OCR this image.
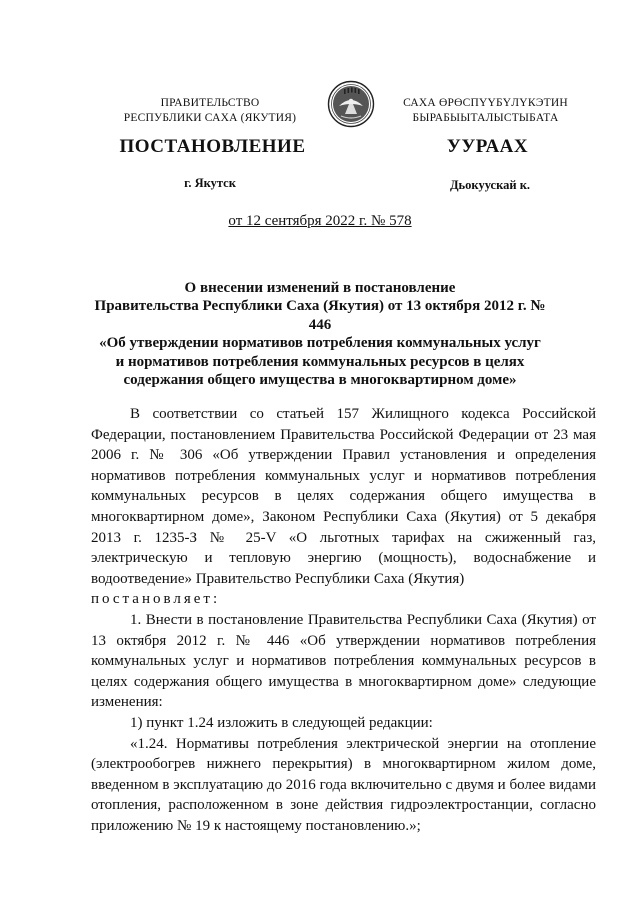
ПРАВИТЕЛЬСТВО
РЕСПУБЛИКИ САХА (ЯКУТИЯ)
САХА ӨРӨСПҮҮБҮЛҮКЭТИН
БЫРАБЫЫТАЛЫСТЫБАТА
ПОСТАНОВЛЕНИЕ	УУРААХ
г. Якутск	Дьокуускай к.
от 12 сентября 2022 г. № 578
О внесении изменений в постановление
Правительства Республики Саха (Якутия) от 13 октября 2012 г. № 446
«Об утверждении нормативов потребления коммунальных услуг
и нормативов потребления коммунальных ресурсов в целях
содержания общего имущества в многоквартирном доме»

В соответствии со статьей 157 Жилищного кодекса Российской Федерации, постановлением Правительства Российской Федерации от 23 мая 2006 г. № 306 «Об утверждении Правил установления и определения нормативов потребления коммунальных услуг и нормативов потребления коммунальных ресурсов в целях содержания общего имущества в многоквартирном доме», Законом Республики Саха (Якутия) от 5 декабря 2013 г. 1235-З № 25-V «О льготных тарифах на сжиженный газ, электрическую и тепловую энергию (мощность), водоснабжение и водоотведение» Правительство Республики Саха (Якутия)

постановляет:

1. Внести в постановление Правительства Республики Саха (Якутия) от 13 октября 2012 г. № 446 «Об утверждении нормативов потребления коммунальных услуг и нормативов потребления коммунальных ресурсов в целях содержания общего имущества в многоквартирном доме» следующие изменения:

1) пункт 1.24 изложить в следующей редакции:

«1.24. Нормативы потребления электрической энергии на отопление (электрообогрев нижнего перекрытия) в многоквартирном жилом доме, введенном в эксплуатацию до 2016 года включительно с двумя и более видами отопления, расположенном в зоне действия гидроэлектростанции, согласно приложению № 19 к настоящему постановлению.»;
